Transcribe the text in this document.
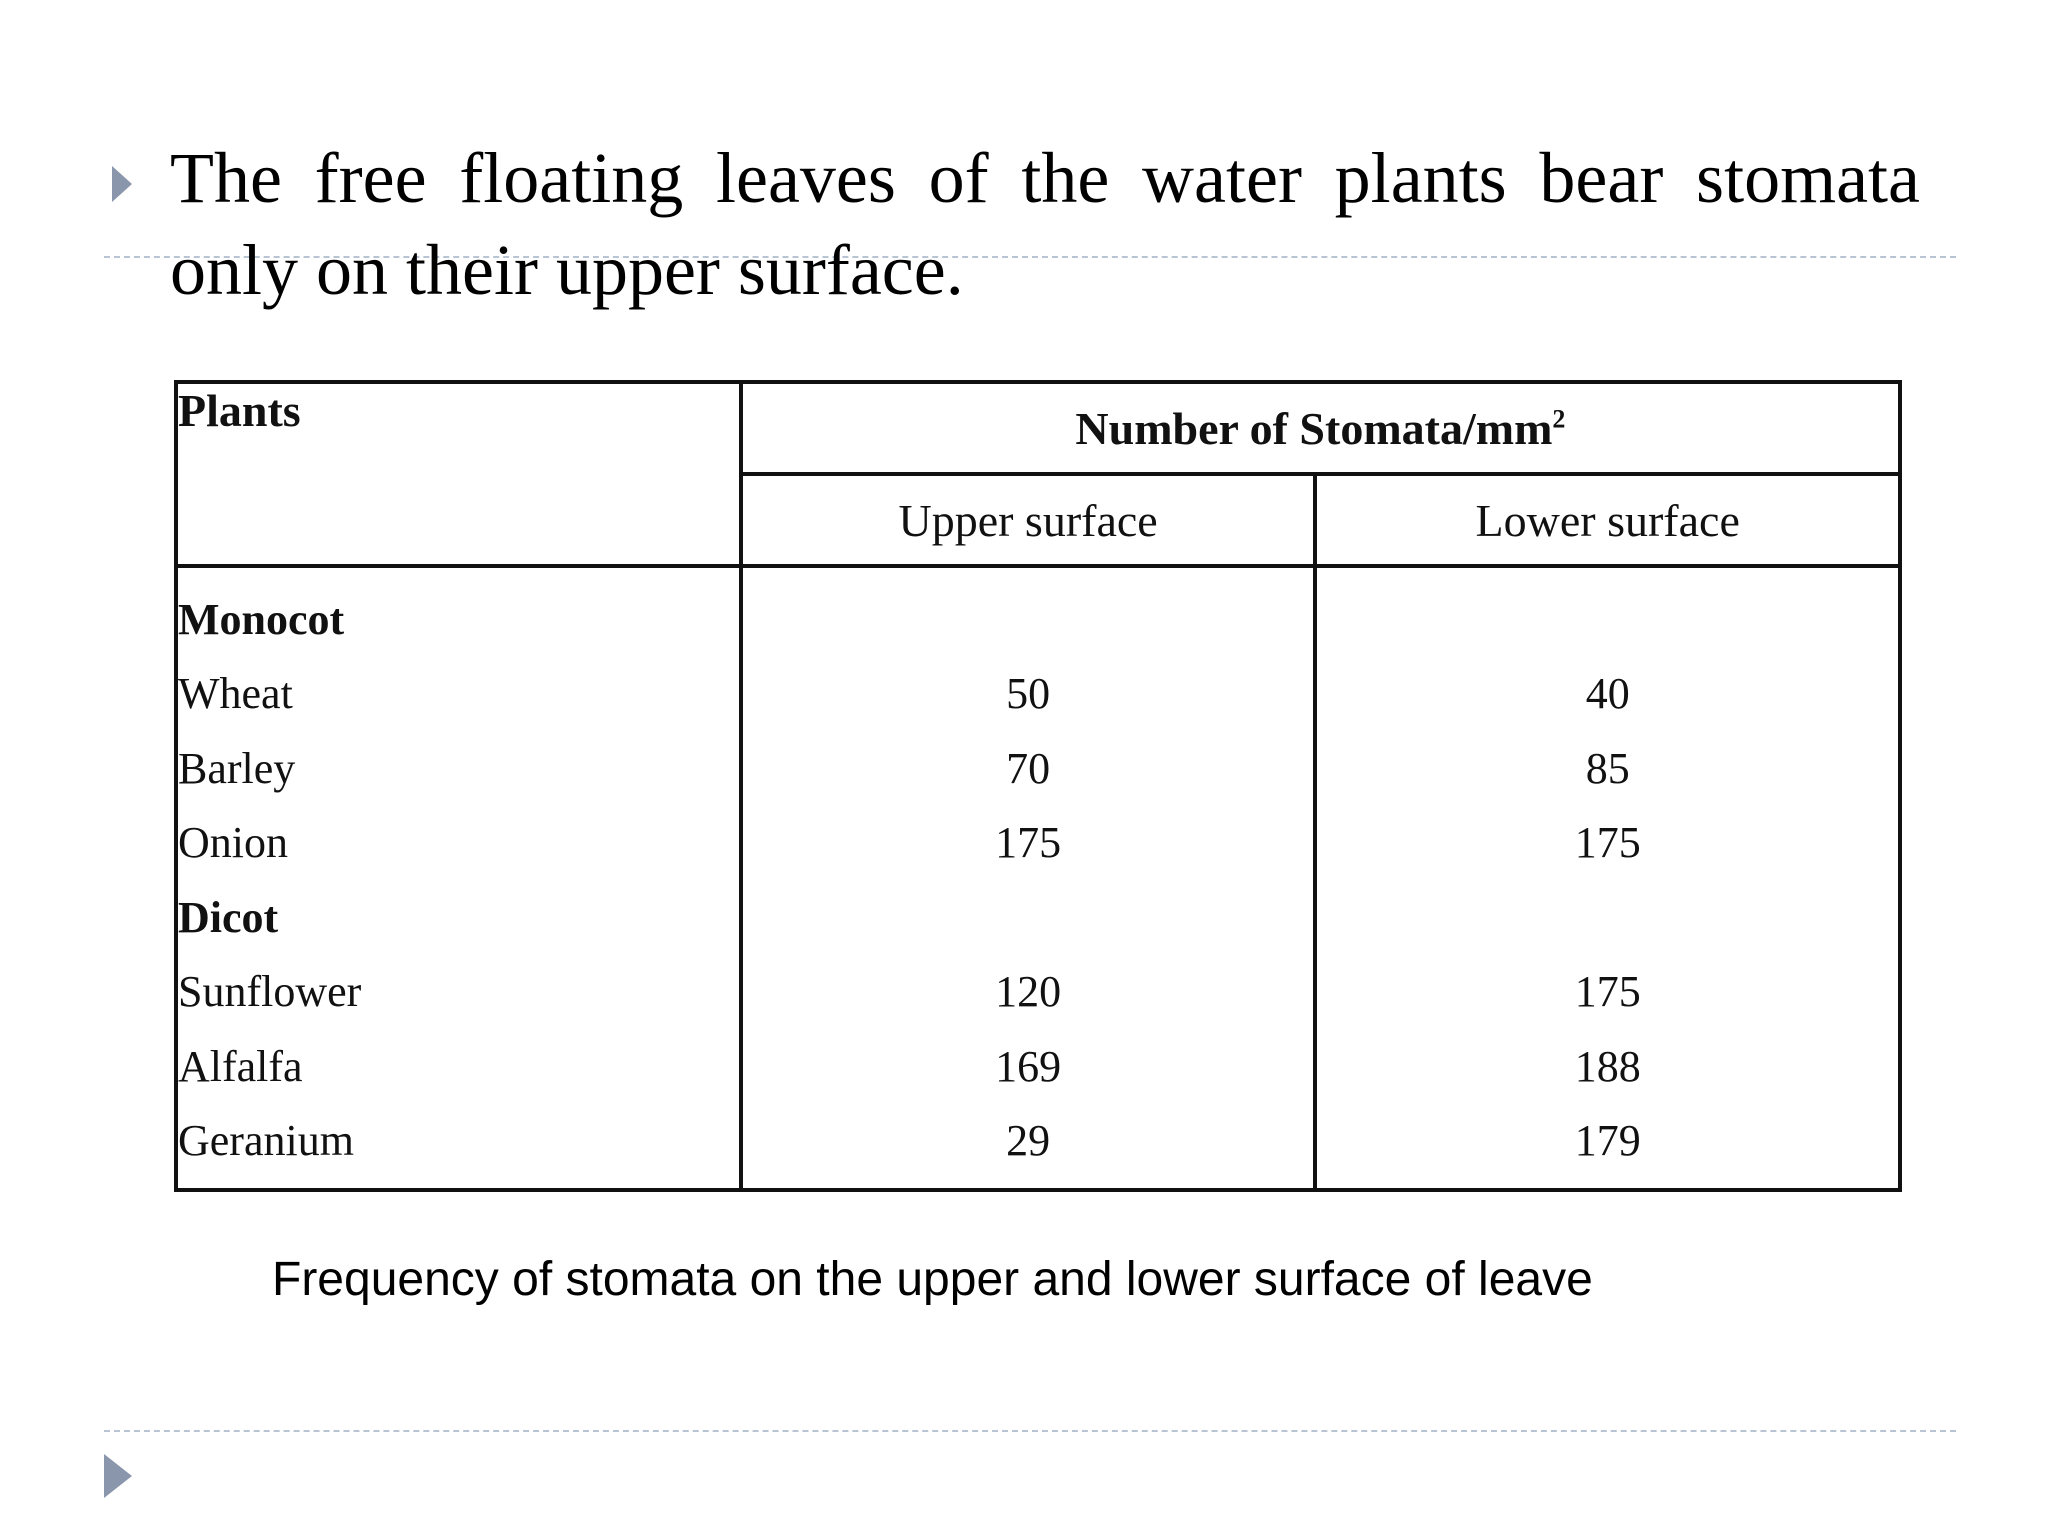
The free floating leaves of the water plants bear stomata only on their upper surface.
Plants	Number of Stomata/$mm^2$
	Upper surface	Lower surface
Monocot		
Wheat	50	40
Barley	70	85
Onion	175	175
Dicot		
Sunflower	120	175
Alfalfa	169	188
Geranium	29	179
Frequency of stomata on the upper and lower surface of leave
